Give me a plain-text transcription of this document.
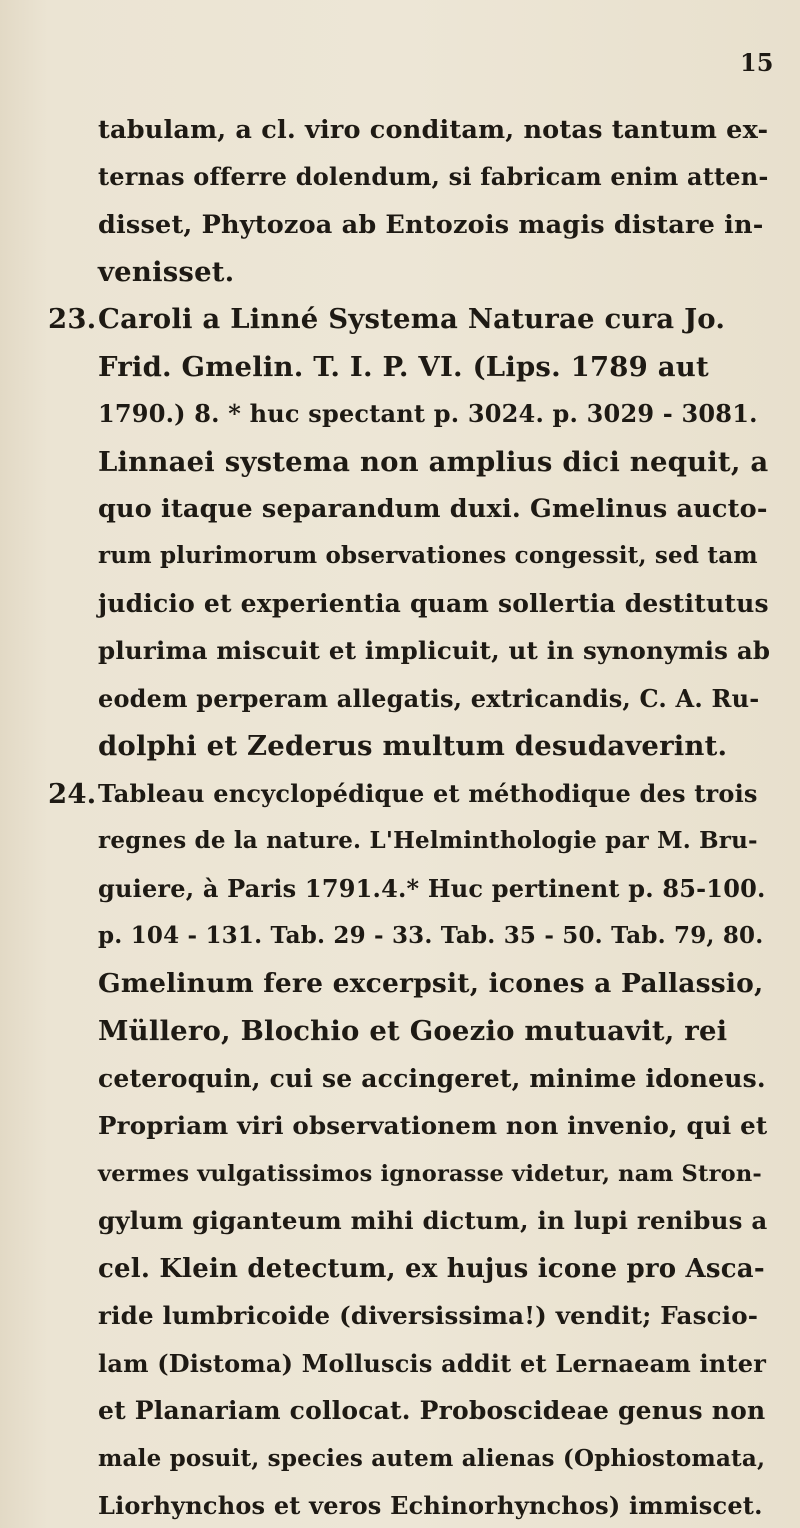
15
tabulam, a cl. viro conditam, notas tantum ex-
ternas offerre dolendum, si fabricam enim atten-
disset, Phytozoa ab Entozois magis distare in-
venisset.
23. Caroli a Linné Systema Naturae cura Jo.
Frid. Gmelin. T. I. P. VI. (Lips. 1789 aut
1790.) 8. * huc spectant p. 3024. p. 3029 - 3081.
Linnaei systema non amplius dici nequit, a
quo itaque separandum duxi. Gmelinus aucto-
rum plurimorum observationes congessit, sed tam
judicio et experientia quam sollertia destitutus
plurima miscuit et implicuit, ut in synonymis ab
eodem perperam allegatis, extricandis, C. A. Ru-
dolphi et Zederus multum desudaverint.
24. Tableau encyclopédique et méthodique des trois
regnes de la nature. L'Helminthologie par M. Bru-
guiere, à Paris 1791.4.* Huc pertinent p. 85-100.
p. 104 - 131. Tab. 29 - 33. Tab. 35 - 50. Tab. 79, 80.
Gmelinum fere excerpsit, icones a Pallassio,
Müllero, Blochio et Goezio mutuavit, rei
ceteroquin, cui se accingeret, minime idoneus.
Propriam viri observationem non invenio, qui et
vermes vulgatissimos ignorasse videtur, nam Stron-
gylum giganteum mihi dictum, in lupi renibus a
cel. Klein detectum, ex hujus icone pro Asca-
ride lumbricoide (diversissima!) vendit; Fascio-
lam (Distoma) Molluscis addit et Lernaeam inter
et Planariam collocat. Proboscideae genus non
male posuit, species autem alienas (Ophiostomata,
Liorhynchos et veros Echinorhynchos) immiscet.
